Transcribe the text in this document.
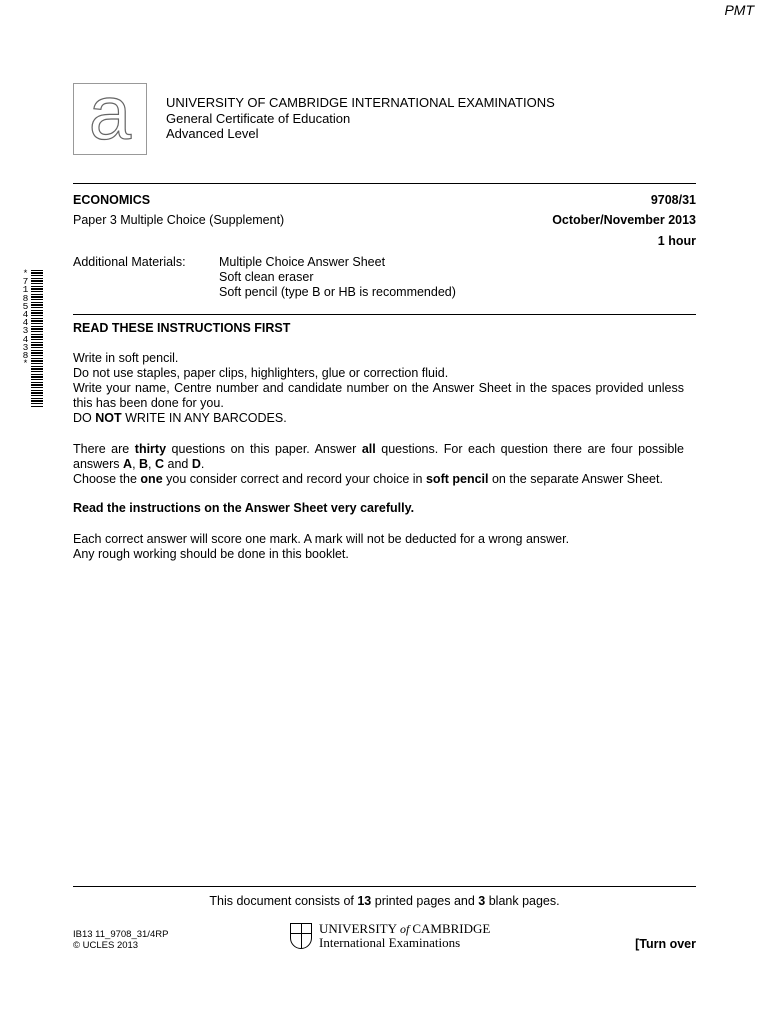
PMT
a	UNIVERSITY OF CAMBRIDGE INTERNATIONAL EXAMINATIONS
General Certificate of Education
Advanced Level
ECONOMICS	9708/31
Paper 3 Multiple Choice (Supplement)	October/November 2013
1 hour
Additional Materials:	Multiple Choice Answer Sheet
Soft clean eraser
Soft pencil (type B or HB is recommended)
*
7
1
8
5
4
4
3
4
3
8
*
READ THESE INSTRUCTIONS FIRST
Write in soft pencil.
Do not use staples, paper clips, highlighters, glue or correction fluid.
Write your name, Centre number and candidate number on the Answer Sheet in the spaces provided unless this has been done for you.
DO NOT WRITE IN ANY BARCODES.
There are thirty questions on this paper. Answer all questions. For each question there are four possible answers A, B, C and D.
Choose the one you consider correct and record your choice in soft pencil on the separate Answer Sheet.
Read the instructions on the Answer Sheet very carefully.
Each correct answer will score one mark. A mark will not be deducted for a wrong answer.
Any rough working should be done in this booklet.
This document consists of 13 printed pages and 3 blank pages.
IB13 11_9708_31/4RP
© UCLES 2013
UNIVERSITY of CAMBRIDGE
International Examinations	[Turn over
